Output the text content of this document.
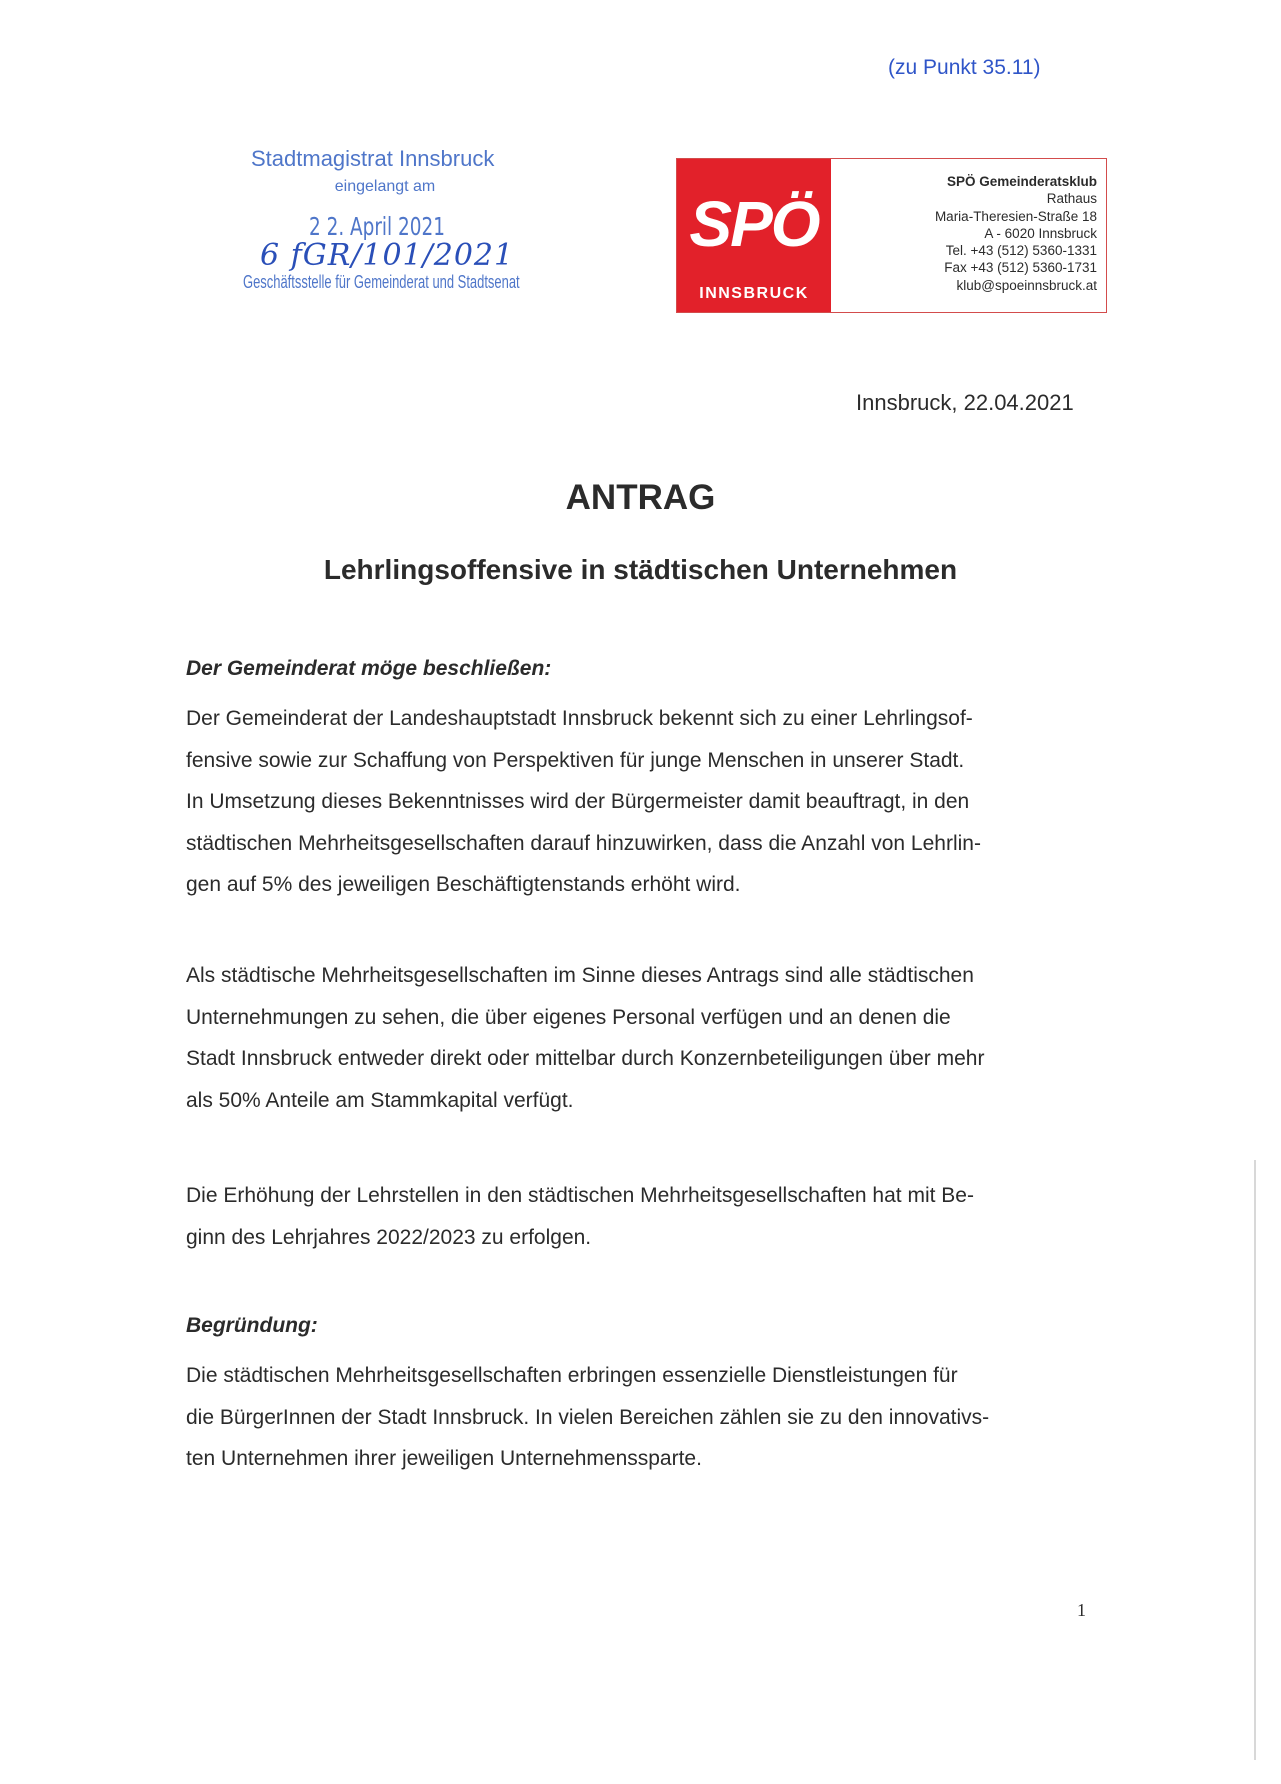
(zu Punkt 35.11)
Stadtmagistrat Innsbruck
eingelangt am
2 2. April 2021
6 fGR/101/2021
Geschäftsstelle für Gemeinderat und Stadtsenat
SPÖ
INNSBRUCK
SPÖ Gemeinderatsklub
Rathaus
Maria-Theresien-Straße 18
A - 6020 Innsbruck
Tel. +43 (512) 5360-1331
Fax +43 (512) 5360-1731
klub@spoeinnsbruck.at
Innsbruck, 22.04.2021
ANTRAG
Lehrlingsoffensive in städtischen Unternehmen
Der Gemeinderat möge beschließen:

Der Gemeinderat der Landeshauptstadt Innsbruck bekennt sich zu einer Lehrlingsof-
fensive sowie zur Schaffung von Perspektiven für junge Menschen in unserer Stadt.
In Umsetzung dieses Bekenntnisses wird der Bürgermeister damit beauftragt, in den
städtischen Mehrheitsgesellschaften darauf hinzuwirken, dass die Anzahl von Lehrlin-
gen auf 5% des jeweiligen Beschäftigtenstands erhöht wird.

Als städtische Mehrheitsgesellschaften im Sinne dieses Antrags sind alle städtischen
Unternehmungen zu sehen, die über eigenes Personal verfügen und an denen die
Stadt Innsbruck entweder direkt oder mittelbar durch Konzernbeteiligungen über mehr
als 50% Anteile am Stammkapital verfügt.

Die Erhöhung der Lehrstellen in den städtischen Mehrheitsgesellschaften hat mit Be-
ginn des Lehrjahres 2022/2023 zu erfolgen.

Begründung:

Die städtischen Mehrheitsgesellschaften erbringen essenzielle Dienstleistungen für
die BürgerInnen der Stadt Innsbruck. In vielen Bereichen zählen sie zu den innovativs-
ten Unternehmen ihrer jeweiligen Unternehmenssparte.

1
